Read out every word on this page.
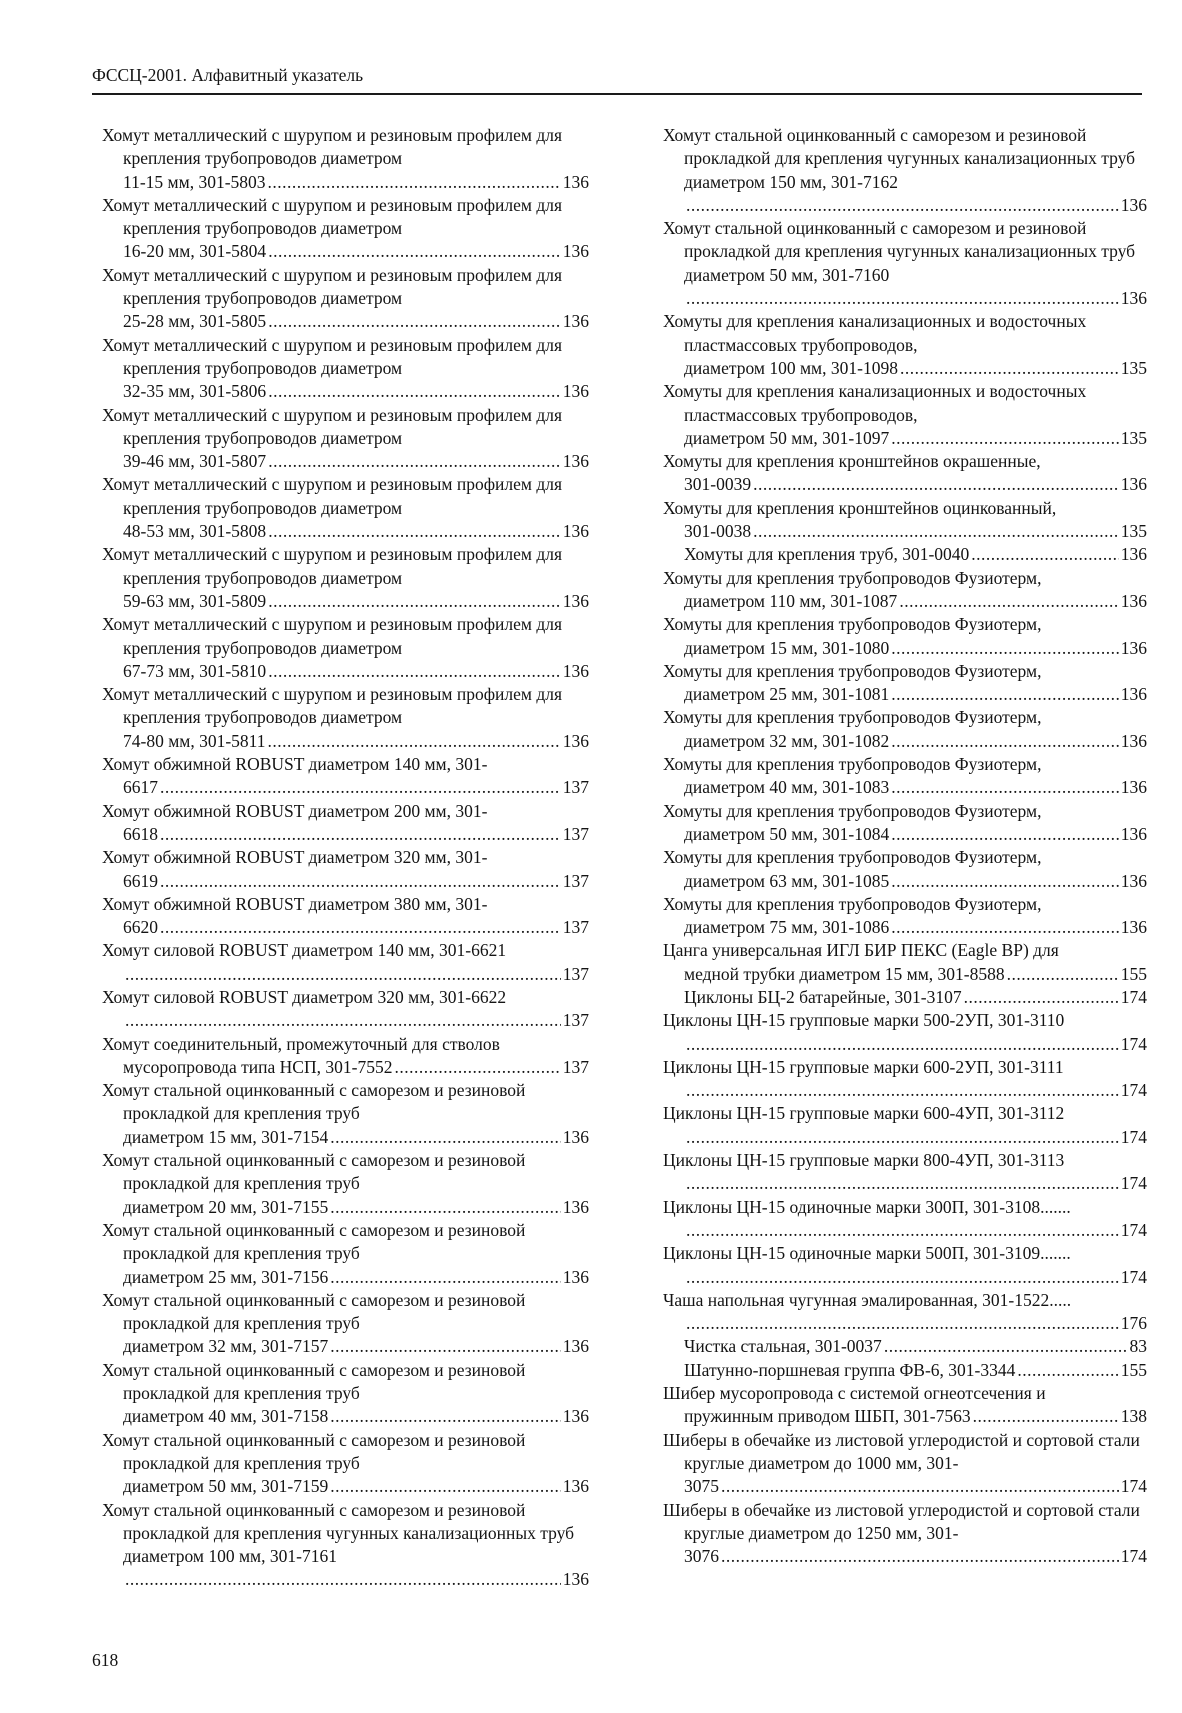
ФССЦ-2001. Алфавитный указатель
Хомут металлический с шурупом и резиновым профилем для крепления трубопроводов диаметром
11-15 мм, 301-5803 .....	136
Хомут металлический с шурупом и резиновым профилем для крепления трубопроводов диаметром
16-20 мм, 301-5804 .....	136
Хомут металлический с шурупом и резиновым профилем для крепления трубопроводов диаметром
25-28 мм, 301-5805 .....	136
Хомут металлический с шурупом и резиновым профилем для крепления трубопроводов диаметром
32-35 мм, 301-5806 .....	136
Хомут металлический с шурупом и резиновым профилем для крепления трубопроводов диаметром
39-46 мм, 301-5807 .....	136
Хомут металлический с шурупом и резиновым профилем для крепления трубопроводов диаметром
48-53 мм, 301-5808 .....	136
Хомут металлический с шурупом и резиновым профилем для крепления трубопроводов диаметром
59-63 мм, 301-5809 .....	136
Хомут металлический с шурупом и резиновым профилем для крепления трубопроводов диаметром
67-73 мм, 301-5810 .....	136
Хомут металлический с шурупом и резиновым профилем для крепления трубопроводов диаметром
74-80 мм, 301-5811 .....	136
Хомут обжимной ROBUST диаметром 140 мм, 301-
6617 .....	137
Хомут обжимной ROBUST диаметром 200 мм, 301-
6618 .....	137
Хомут обжимной ROBUST диаметром 320 мм, 301-
6619 .....	137
Хомут обжимной ROBUST диаметром 380 мм, 301-
6620 .....	137
Хомут силовой ROBUST диаметром 140 мм, 301-6621
.....
137
Хомут силовой ROBUST диаметром 320 мм, 301-6622
.....
137
Хомут соединительный, промежуточный для стволов
мусоропровода типа НСП, 301-7552 .....	137
Хомут стальной оцинкованный с саморезом и резиновой прокладкой для крепления труб
диаметром 15 мм, 301-7154 .....	136
Хомут стальной оцинкованный с саморезом и резиновой прокладкой для крепления труб
диаметром 20 мм, 301-7155 .....	136
Хомут стальной оцинкованный с саморезом и резиновой прокладкой для крепления труб
диаметром 25 мм, 301-7156 .....	136
Хомут стальной оцинкованный с саморезом и резиновой прокладкой для крепления труб
диаметром 32 мм, 301-7157 .....	136
Хомут стальной оцинкованный с саморезом и резиновой прокладкой для крепления труб
диаметром 40 мм, 301-7158 .....	136
Хомут стальной оцинкованный с саморезом и резиновой прокладкой для крепления труб
диаметром 50 мм, 301-7159 .....	136
Хомут стальной оцинкованный с саморезом и резиновой прокладкой для крепления чугунных канализационных труб диаметром 100 мм, 301-7161
.....
136
Хомут стальной оцинкованный с саморезом и резиновой прокладкой для крепления чугунных канализационных труб диаметром 150 мм, 301-7162
.....
136
Хомут стальной оцинкованный с саморезом и резиновой прокладкой для крепления чугунных канализационных труб диаметром 50 мм, 301-7160
.....
136
Хомуты для крепления канализационных и водосточных пластмассовых трубопроводов,
диаметром 100 мм, 301-1098 .....	135
Хомуты для крепления канализационных и водосточных пластмассовых трубопроводов,
диаметром 50 мм, 301-1097 .....	135
Хомуты для крепления кронштейнов окрашенные,
301-0039 .....	136
Хомуты для крепления кронштейнов оцинкованный,
301-0038 .....	135
Хомуты для крепления труб, 301-0040 .....	136
Хомуты для крепления трубопроводов Фузиотерм,
диаметром 110 мм, 301-1087 .....	136
Хомуты для крепления трубопроводов Фузиотерм,
диаметром 15 мм, 301-1080 .....	136
Хомуты для крепления трубопроводов Фузиотерм,
диаметром 25 мм, 301-1081 .....	136
Хомуты для крепления трубопроводов Фузиотерм,
диаметром 32 мм, 301-1082 .....	136
Хомуты для крепления трубопроводов Фузиотерм,
диаметром 40 мм, 301-1083 .....	136
Хомуты для крепления трубопроводов Фузиотерм,
диаметром 50 мм, 301-1084 .....	136
Хомуты для крепления трубопроводов Фузиотерм,
диаметром 63 мм, 301-1085 .....	136
Хомуты для крепления трубопроводов Фузиотерм,
диаметром 75 мм, 301-1086 .....	136
Цанга универсальная ИГЛ БИР ПЕКС (Eagle BP) для
медной трубки диаметром 15 мм, 301-8588 .....	155
Циклоны БЦ-2 батарейные, 301-3107 .....	174
Циклоны ЦН-15 групповые марки 500-2УП, 301-3110
.....
174
Циклоны ЦН-15 групповые марки 600-2УП, 301-3111
.....
174
Циклоны ЦН-15 групповые марки 600-4УП, 301-3112
.....
174
Циклоны ЦН-15 групповые марки 800-4УП, 301-3113
.....
174
Циклоны ЦН-15 одиночные марки 300П, 301-3108.......
.....
174
Циклоны ЦН-15 одиночные марки 500П, 301-3109.......
.....
174
Чаша напольная чугунная эмалированная, 301-1522.....
.....
176
Чистка стальная, 301-0037 .....	83
Шатунно-поршневая группа ФВ-6, 301-3344 .....	155
Шибер мусоропровода с системой огнеотсечения и
пружинным приводом ШБП, 301-7563 .....	138
Шиберы в обечайке из листовой углеродистой и сортовой стали круглые диаметром до 1000 мм, 301-
3075 .....	174
Шиберы в обечайке из листовой углеродистой и сортовой стали круглые диаметром до 1250 мм, 301-
3076 .....	174
618
